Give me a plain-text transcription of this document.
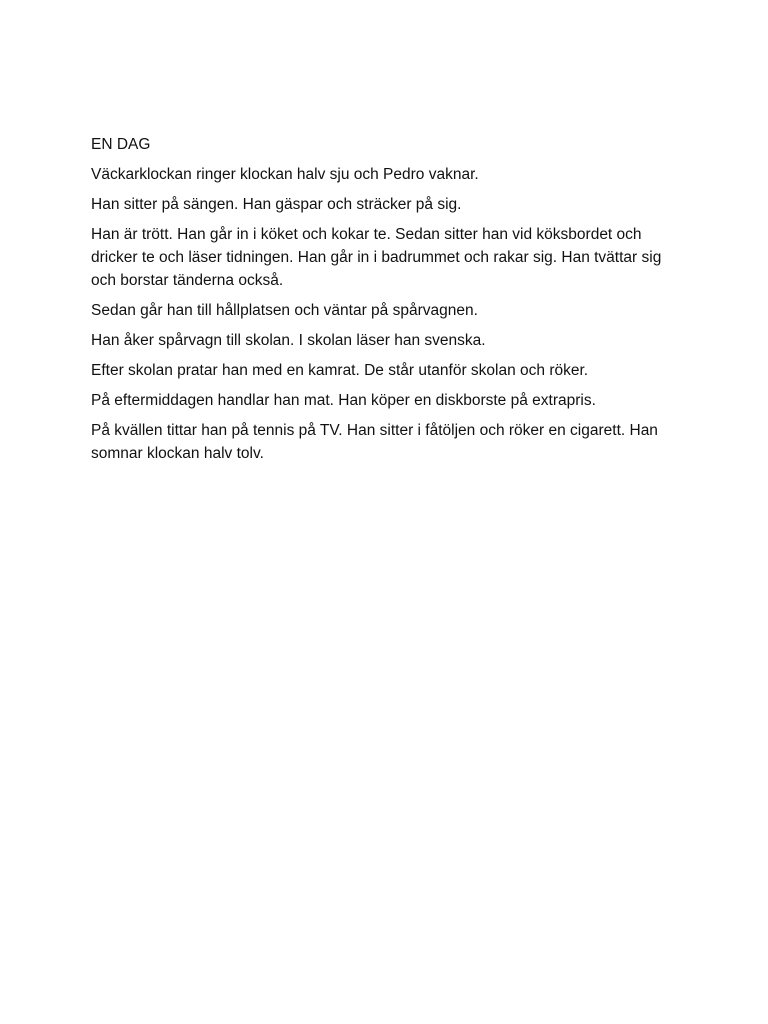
EN DAG

Väckarklockan ringer klockan halv sju och Pedro vaknar.

Han sitter på sängen. Han gäspar och sträcker på sig.

Han är trött. Han går in i köket och kokar te. Sedan sitter han vid köksbordet och dricker te och läser tidningen. Han går in i badrummet och rakar sig. Han tvättar sig och borstar tänderna också.

Sedan går han till hållplatsen och väntar på spårvagnen.

Han åker spårvagn till skolan. I skolan läser han svenska.

Efter skolan pratar han med en kamrat. De står utanför skolan och röker.

På eftermiddagen handlar han mat. Han köper en diskborste på extrapris.

På kvällen tittar han på tennis på TV. Han sitter i fåtöljen och röker en cigarett. Han somnar klockan halv tolv.
